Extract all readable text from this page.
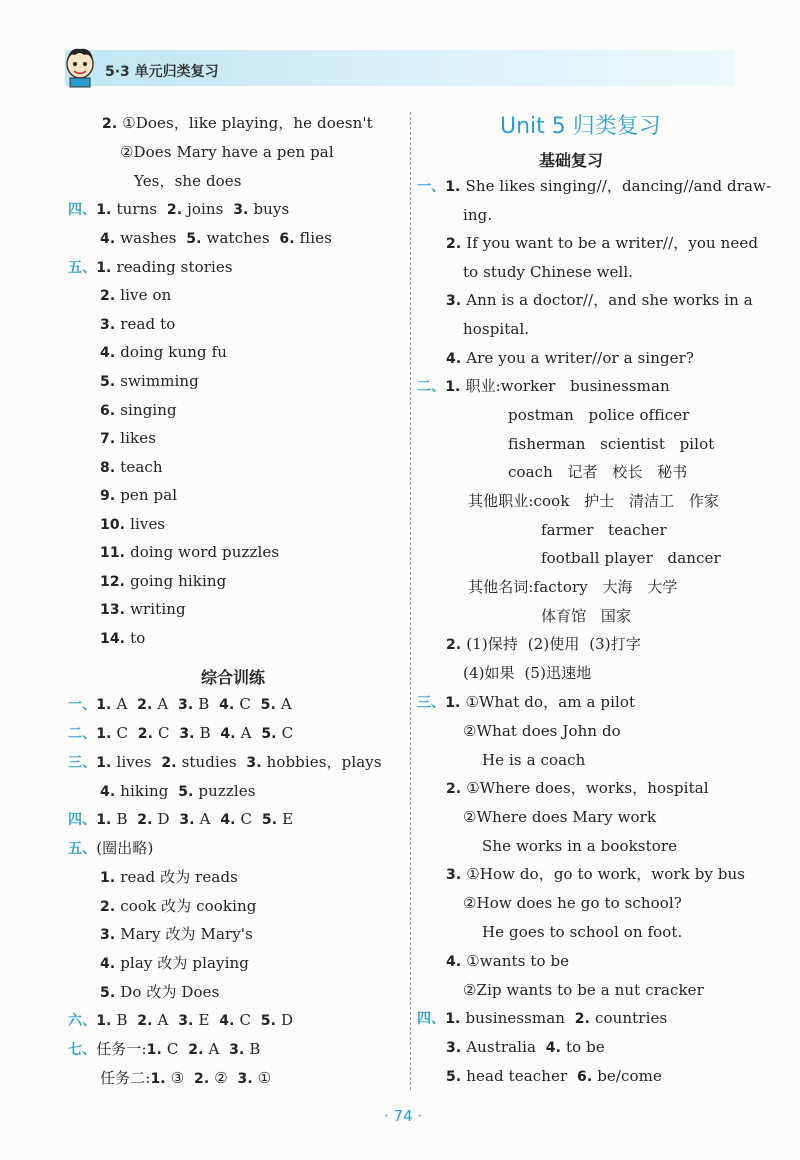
5·3 单元归类复习
2. ①Does，like playing，he doesn't
②Does Mary have a pen pal
Yes，she does
四、1. turns  2. joins  3. buys
4. washes  5. watches  6. flies
五、1. reading stories
2. live on
3. read to
4. doing kung fu
5. swimming
6. singing
7. likes
8. teach
9. pen pal
10. lives
11. doing word puzzles
12. going hiking
13. writing
14. to
一、1. A  2. A  3. B  4. C  5. A
二、1. C  2. C  3. B  4. A  5. C
三、1. lives  2. studies  3. hobbies，plays
4. hiking  5. puzzles
四、1. B  2. D  3. A  4. C  5. E
五、(圈出略)
1. read 改为 reads
2. cook 改为 cooking
3. Mary 改为 Mary's
4. play 改为 playing
5. Do 改为 Does
六、1. B  2. A  3. E  4. C  5. D
七、任务一:1. C  2. A  3. B
任务二:1. ③  2. ②  3. ①
综合训练
Unit 5 归类复习
基础复习
一、1. She likes singing//，dancing//and draw-
ing.
2. If you want to be a writer//，you need
to study Chinese well.
3. Ann is a doctor//，and she works in a
hospital.
4. Are you a writer//or a singer?
二、1. 职业:worker   businessman
postman   police officer
fisherman   scientist   pilot
coach   记者   校长   秘书
其他职业:cook   护士   清洁工   作家
farmer   teacher
football player   dancer
其他名词:factory   大海   大学
体育馆   国家
2. (1)保持  (2)使用  (3)打字
(4)如果  (5)迅速地
三、1. ①What do，am a pilot
②What does John do
He is a coach
2. ①Where does，works，hospital
②Where does Mary work
She works in a bookstore
3. ①How do，go to work，work by bus
②How does he go to school?
He goes to school on foot.
4. ①wants to be
②Zip wants to be a nut cracker
四、1. businessman  2. countries
3. Australia  4. to be
5. head teacher  6. be/come
· 74 ·
